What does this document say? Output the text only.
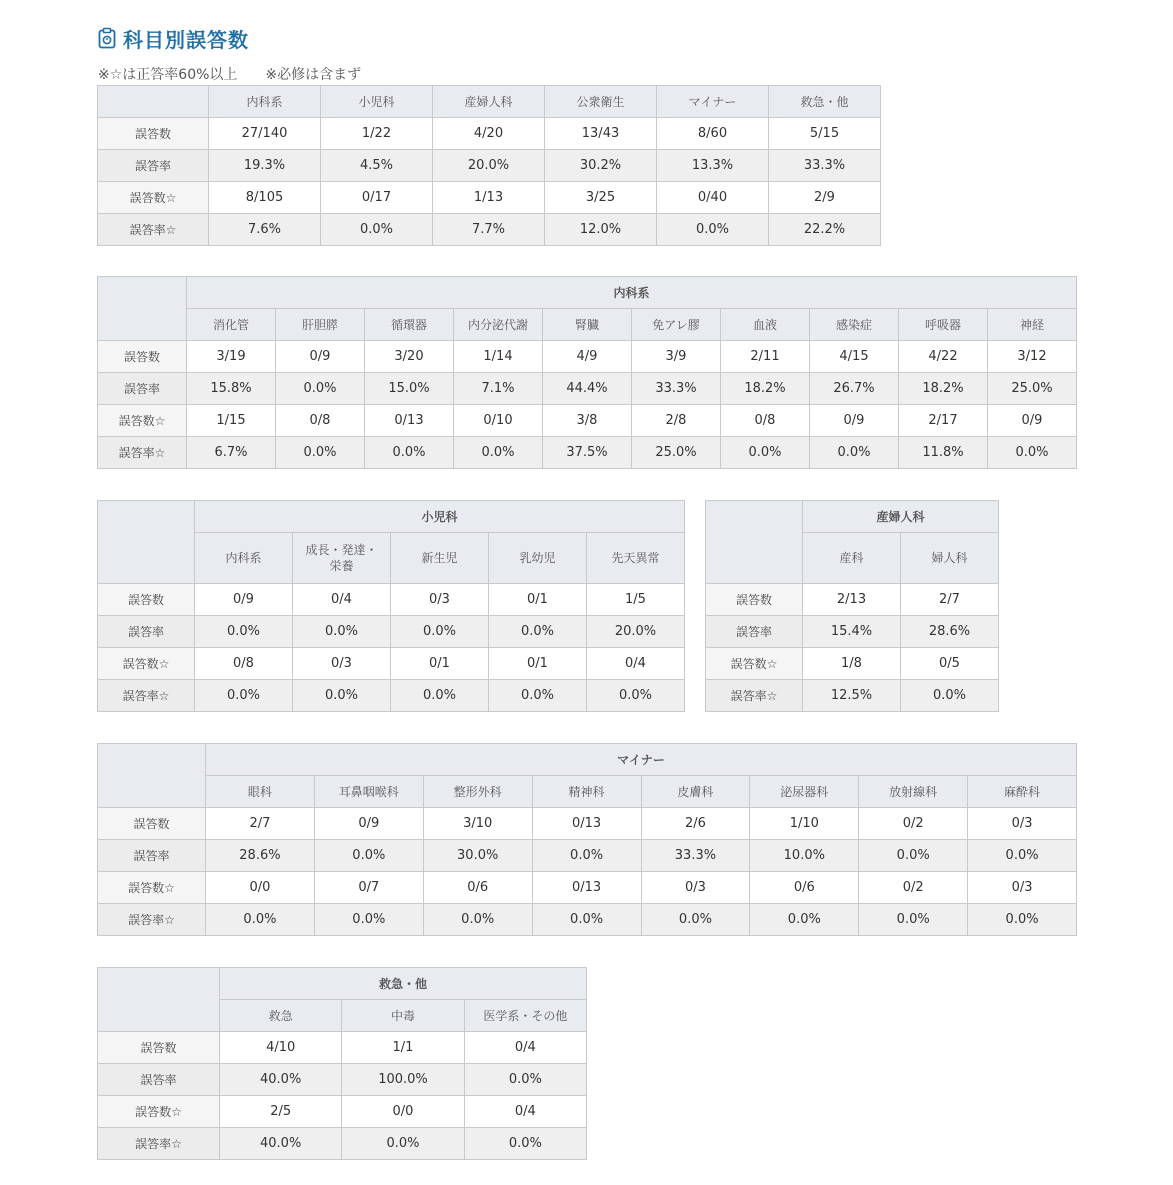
科目別誤答数
※☆は正答率60%以上　　※必修は含まず
	内科系	小児科	産婦人科	公衆衛生	マイナー	救急・他
誤答数	27/140	1/22	4/20	13/43	8/60	5/15
誤答率	19.3%	4.5%	20.0%	30.2%	13.3%	33.3%
誤答数☆	8/105	0/17	1/13	3/25	0/40	2/9
誤答率☆	7.6%	0.0%	7.7%	12.0%	0.0%	22.2%
	内科系									
	消化管	肝胆膵	循環器	内分泌代謝	腎臓	免アレ膠	血液	感染症	呼吸器	神経
誤答数	3/19	0/9	3/20	1/14	4/9	3/9	2/11	4/15	4/22	3/12
誤答率	15.8%	0.0%	15.0%	7.1%	44.4%	33.3%	18.2%	26.7%	18.2%	25.0%
誤答数☆	1/15	0/8	0/13	0/10	3/8	2/8	0/8	0/9	2/17	0/9
誤答率☆	6.7%	0.0%	0.0%	0.0%	37.5%	25.0%	0.0%	0.0%	11.8%	0.0%
	小児科				
	内科系	成長・発達・栄養	新生児	乳幼児	先天異常
誤答数	0/9	0/4	0/3	0/1	1/5
誤答率	0.0%	0.0%	0.0%	0.0%	20.0%
誤答数☆	0/8	0/3	0/1	0/1	0/4
誤答率☆	0.0%	0.0%	0.0%	0.0%	0.0%
	産婦人科	
	産科	婦人科
誤答数	2/13	2/7
誤答率	15.4%	28.6%
誤答数☆	1/8	0/5
誤答率☆	12.5%	0.0%
	マイナー							
	眼科	耳鼻咽喉科	整形外科	精神科	皮膚科	泌尿器科	放射線科	麻酔科
誤答数	2/7	0/9	3/10	0/13	2/6	1/10	0/2	0/3
誤答率	28.6%	0.0%	30.0%	0.0%	33.3%	10.0%	0.0%	0.0%
誤答数☆	0/0	0/7	0/6	0/13	0/3	0/6	0/2	0/3
誤答率☆	0.0%	0.0%	0.0%	0.0%	0.0%	0.0%	0.0%	0.0%
	救急・他		
	救急	中毒	医学系・その他
誤答数	4/10	1/1	0/4
誤答率	40.0%	100.0%	0.0%
誤答数☆	2/5	0/0	0/4
誤答率☆	40.0%	0.0%	0.0%
